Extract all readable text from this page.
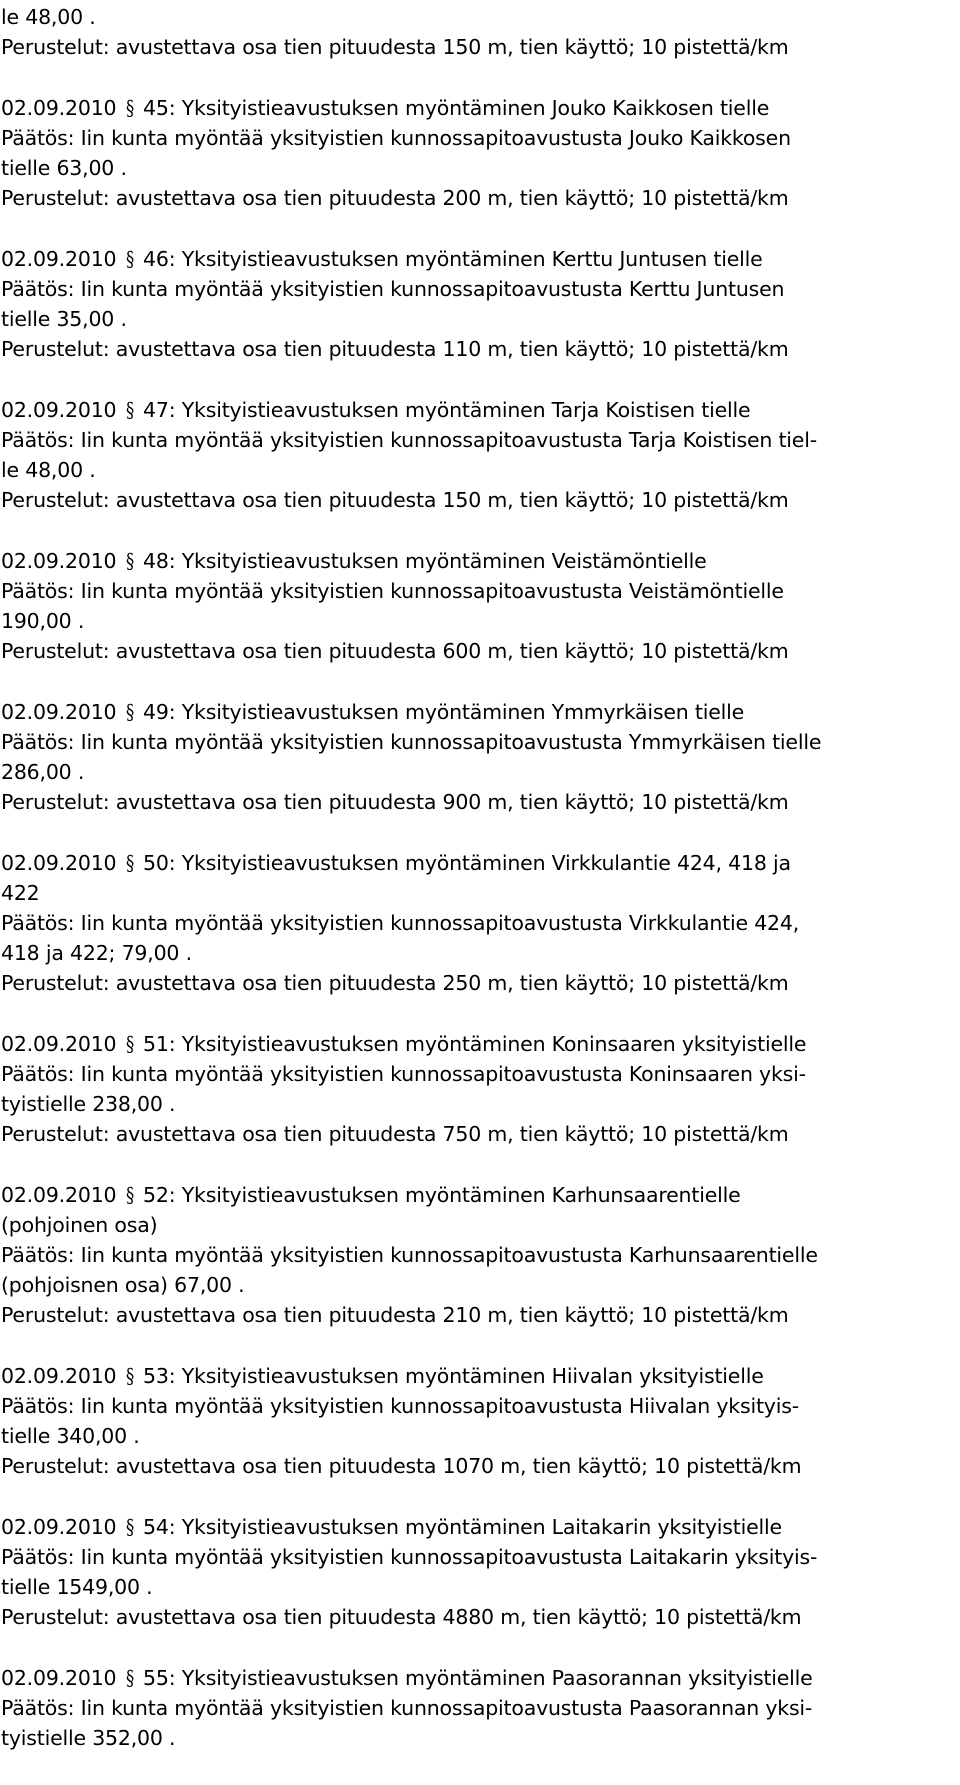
le 48,00 .
Perustelut: avustettava osa tien pituudesta 150 m, tien käyttö; 10 pistettä/km
02.09.2010 § 45: Yksityistieavustuksen myöntäminen Jouko Kaikkosen tielle
Päätös: Iin kunta myöntää yksityistien kunnossapitoavustusta Jouko Kaikkosen
tielle 63,00 .
Perustelut: avustettava osa tien pituudesta 200 m, tien käyttö; 10 pistettä/km
02.09.2010 § 46: Yksityistieavustuksen myöntäminen Kerttu Juntusen tielle
Päätös: Iin kunta myöntää yksityistien kunnossapitoavustusta Kerttu Juntusen
tielle 35,00 .
Perustelut: avustettava osa tien pituudesta 110 m, tien käyttö; 10 pistettä/km
02.09.2010 § 47: Yksityistieavustuksen myöntäminen Tarja Koistisen tielle
Päätös: Iin kunta myöntää yksityistien kunnossapitoavustusta Tarja Koistisen tiel-
le 48,00 .
Perustelut: avustettava osa tien pituudesta 150 m, tien käyttö; 10 pistettä/km
02.09.2010 § 48: Yksityistieavustuksen myöntäminen Veistämöntielle
Päätös: Iin kunta myöntää yksityistien kunnossapitoavustusta Veistämöntielle
190,00 .
Perustelut: avustettava osa tien pituudesta 600 m, tien käyttö; 10 pistettä/km
02.09.2010 § 49: Yksityistieavustuksen myöntäminen Ymmyrkäisen tielle
Päätös: Iin kunta myöntää yksityistien kunnossapitoavustusta Ymmyrkäisen tielle
286,00 .
Perustelut: avustettava osa tien pituudesta 900 m, tien käyttö; 10 pistettä/km
02.09.2010 § 50: Yksityistieavustuksen myöntäminen Virkkulantie 424, 418 ja
422
Päätös: Iin kunta myöntää yksityistien kunnossapitoavustusta Virkkulantie 424,
418 ja 422; 79,00 .
Perustelut: avustettava osa tien pituudesta 250 m, tien käyttö; 10 pistettä/km
02.09.2010 § 51: Yksityistieavustuksen myöntäminen Koninsaaren yksityistielle
Päätös: Iin kunta myöntää yksityistien kunnossapitoavustusta Koninsaaren yksi-
tyistielle 238,00 .
Perustelut: avustettava osa tien pituudesta 750 m, tien käyttö; 10 pistettä/km
02.09.2010 § 52: Yksityistieavustuksen myöntäminen Karhunsaarentielle
(pohjoinen osa)
Päätös: Iin kunta myöntää yksityistien kunnossapitoavustusta Karhunsaarentielle
(pohjoisnen osa) 67,00 .
Perustelut: avustettava osa tien pituudesta 210 m, tien käyttö; 10 pistettä/km
02.09.2010 § 53: Yksityistieavustuksen myöntäminen Hiivalan yksityistielle
Päätös: Iin kunta myöntää yksityistien kunnossapitoavustusta Hiivalan yksityis-
tielle 340,00 .
Perustelut: avustettava osa tien pituudesta 1070 m, tien käyttö; 10 pistettä/km
02.09.2010 § 54: Yksityistieavustuksen myöntäminen Laitakarin yksityistielle
Päätös: Iin kunta myöntää yksityistien kunnossapitoavustusta Laitakarin yksityis-
tielle 1549,00 .
Perustelut: avustettava osa tien pituudesta 4880 m, tien käyttö; 10 pistettä/km
02.09.2010 § 55: Yksityistieavustuksen myöntäminen Paasorannan yksityistielle
Päätös: Iin kunta myöntää yksityistien kunnossapitoavustusta Paasorannan yksi-
tyistielle 352,00 .
